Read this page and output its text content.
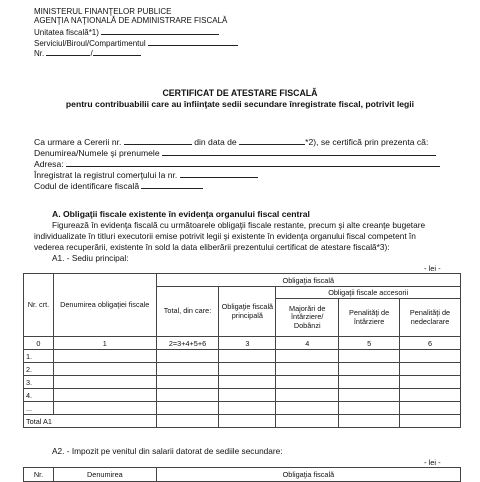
MINISTERUL FINANŢELOR PUBLICE
AGENŢIA NAŢIONALĂ DE ADMINISTRARE FISCALĂ
Unitatea fiscală*1)
Serviciul/Biroul/Compartimentul
Nr.	/
CERTIFICAT DE ATESTARE FISCALĂ
pentru contribuabilii care au înfiinţate sedii secundare înregistrate fiscal, potrivit legii
Ca urmare a Cererii nr.	din data de	*2), se certifică prin prezenta că:
Denumirea/Numele şi prenumele
Adresa:
Înregistrat la registrul comerţului la nr.
Codul de identificare fiscală
A. Obligaţii fiscale existente în evidenţa organului fiscal central
Figurează în evidenţa fiscală cu următoarele obligaţii fiscale restante, precum şi alte creanţe bugetare
individualizate în titluri executorii emise potrivit legii şi existente în evidenţa organului fiscal competent în
vederea recuperării, existente în sold la data eliberării prezentului certificat de atestare fiscală*3):
A1. - Sediu principal:
- lei -
Nr. crt.	Denumirea obligaţiei fiscale	Obligaţia fiscală				
		Total, din care:	Obligaţie fiscală principală	Obligaţii fiscale accesorii		
				Majorări de întârziere/ Dobânzi	Penalităţi de întârziere	Penalităţi de nedeclarare
0	1	2=3+4+5+6	3	4	5	6
1.						
2.						
3.						
4.						
...						
Total A1						
A2. - Impozit pe venitul din salarii datorat de sediile secundare:
- lei -
Nr.	Denumirea	Obligaţia fiscală
